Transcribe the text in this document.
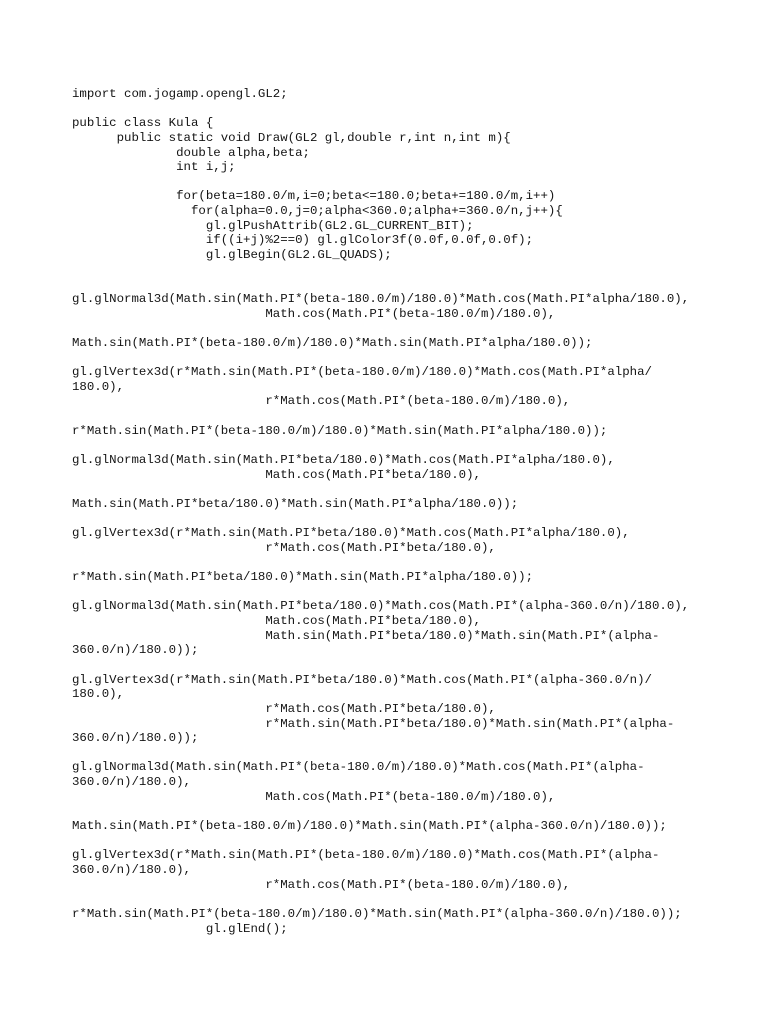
import com.jogamp.opengl.GL2;
public class Kula {
public static void Draw(GL2 gl,double r,int n,int m){
double alpha,beta;
int i,j;
for(beta=180.0/m,i=0;beta<=180.0;beta+=180.0/m,i++)
for(alpha=0.0,j=0;alpha<360.0;alpha+=360.0/n,j++){
gl.glPushAttrib(GL2.GL_CURRENT_BIT);
if((i+j)%2==0) gl.glColor3f(0.0f,0.0f,0.0f);
gl.glBegin(GL2.GL_QUADS);
gl.glNormal3d(Math.sin(Math.PI*(beta-180.0/m)/180.0)*Math.cos(Math.PI*alpha/180.0),
Math.cos(Math.PI*(beta-180.0/m)/180.0),
Math.sin(Math.PI*(beta-180.0/m)/180.0)*Math.sin(Math.PI*alpha/180.0));
gl.glVertex3d(r*Math.sin(Math.PI*(beta-180.0/m)/180.0)*Math.cos(Math.PI*alpha/
180.0),
r*Math.cos(Math.PI*(beta-180.0/m)/180.0),
r*Math.sin(Math.PI*(beta-180.0/m)/180.0)*Math.sin(Math.PI*alpha/180.0));
gl.glNormal3d(Math.sin(Math.PI*beta/180.0)*Math.cos(Math.PI*alpha/180.0),
Math.cos(Math.PI*beta/180.0),
Math.sin(Math.PI*beta/180.0)*Math.sin(Math.PI*alpha/180.0));
gl.glVertex3d(r*Math.sin(Math.PI*beta/180.0)*Math.cos(Math.PI*alpha/180.0),
r*Math.cos(Math.PI*beta/180.0),
r*Math.sin(Math.PI*beta/180.0)*Math.sin(Math.PI*alpha/180.0));
gl.glNormal3d(Math.sin(Math.PI*beta/180.0)*Math.cos(Math.PI*(alpha-360.0/n)/180.0),
Math.cos(Math.PI*beta/180.0),
Math.sin(Math.PI*beta/180.0)*Math.sin(Math.PI*(alpha-
360.0/n)/180.0));
gl.glVertex3d(r*Math.sin(Math.PI*beta/180.0)*Math.cos(Math.PI*(alpha-360.0/n)/
180.0),
r*Math.cos(Math.PI*beta/180.0),
r*Math.sin(Math.PI*beta/180.0)*Math.sin(Math.PI*(alpha-
360.0/n)/180.0));
gl.glNormal3d(Math.sin(Math.PI*(beta-180.0/m)/180.0)*Math.cos(Math.PI*(alpha-
360.0/n)/180.0),
Math.cos(Math.PI*(beta-180.0/m)/180.0),
Math.sin(Math.PI*(beta-180.0/m)/180.0)*Math.sin(Math.PI*(alpha-360.0/n)/180.0));
gl.glVertex3d(r*Math.sin(Math.PI*(beta-180.0/m)/180.0)*Math.cos(Math.PI*(alpha-
360.0/n)/180.0),
r*Math.cos(Math.PI*(beta-180.0/m)/180.0),
r*Math.sin(Math.PI*(beta-180.0/m)/180.0)*Math.sin(Math.PI*(alpha-360.0/n)/180.0));
gl.glEnd();
